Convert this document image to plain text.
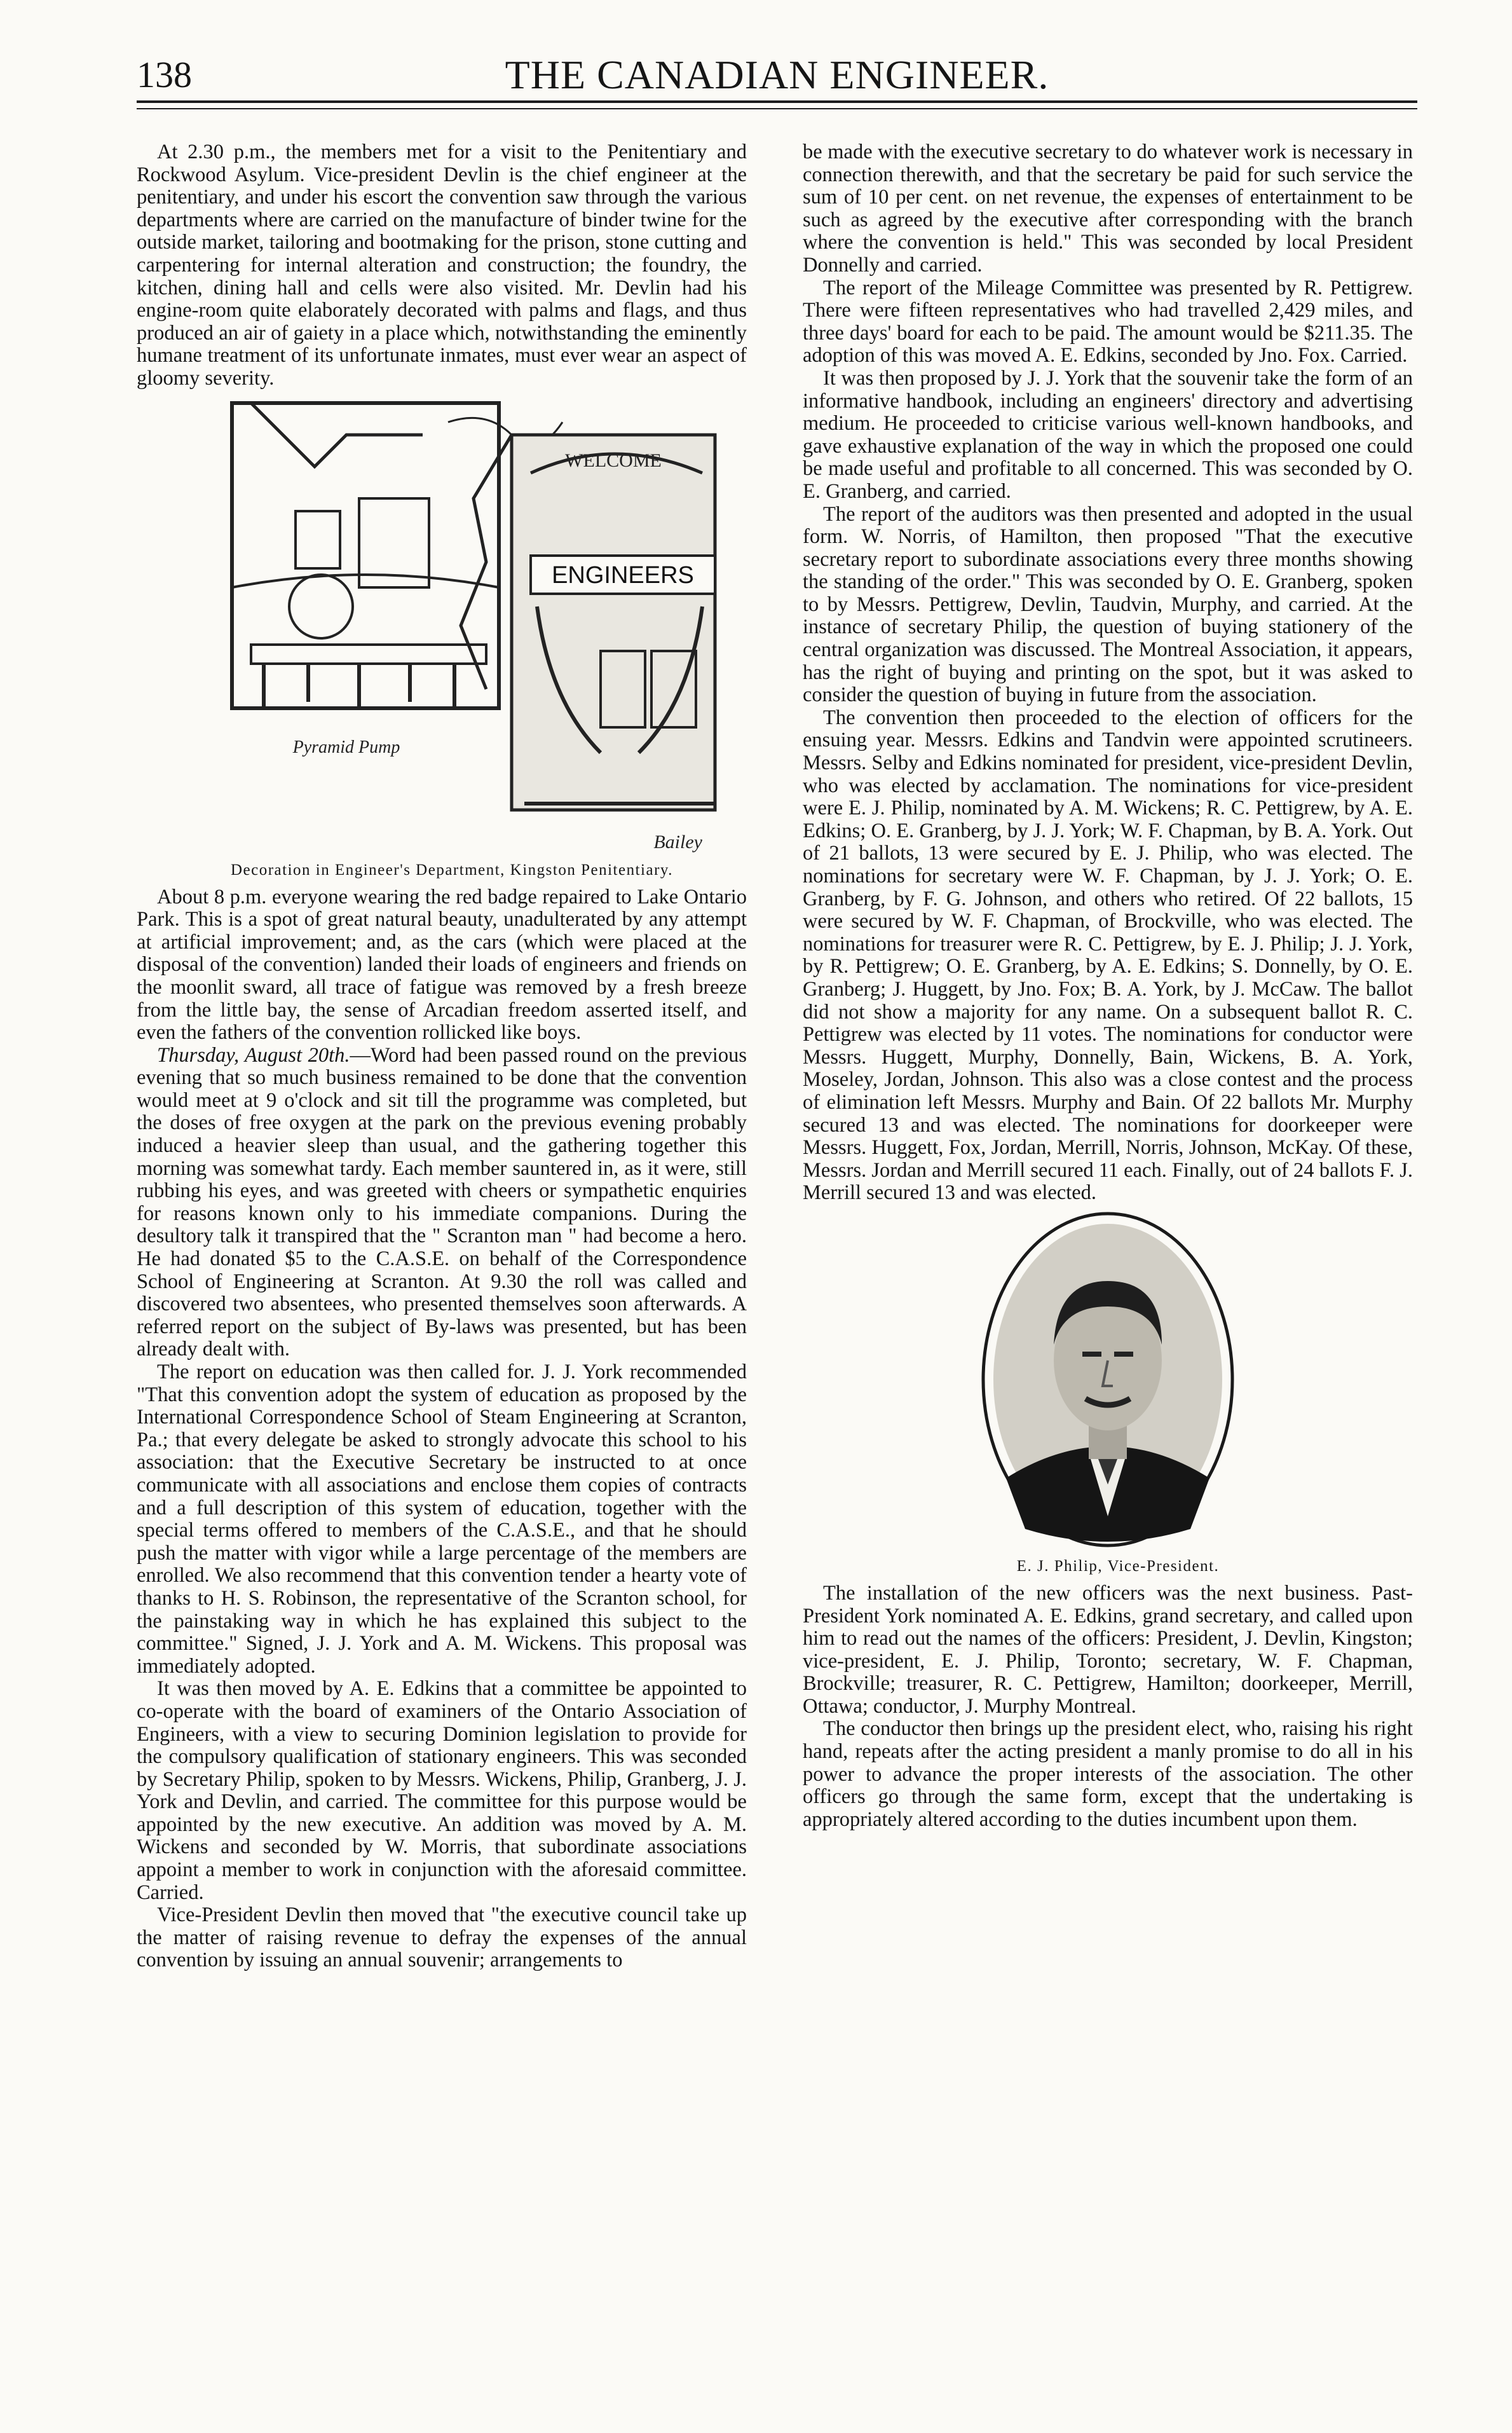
138	THE CANADIAN ENGINEER.

At 2.30 p.m., the members met for a visit to the Penitentiary and Rockwood Asylum. Vice-president Devlin is the chief engineer at the penitentiary, and under his escort the convention saw through the various departments where are carried on the manufacture of binder twine for the outside market, tailoring and bootmaking for the prison, stone cutting and carpentering for internal alteration and construction; the foundry, the kitchen, dining hall and cells were also visited. Mr. Devlin had his engine-room quite elaborately decorated with palms and flags, and thus produced an air of gaiety in a place which, notwithstanding the eminently humane treatment of its unfortunate inmates, must ever wear an aspect of gloomy severity.

WELCOME
ENGINEERS
Pyramid Pump
Bailey

Decoration in Engineer's Department, Kingston Penitentiary.

About 8 p.m. everyone wearing the red badge repaired to Lake Ontario Park. This is a spot of great natural beauty, unadulterated by any attempt at artificial improvement; and, as the cars (which were placed at the disposal of the convention) landed their loads of engineers and friends on the moonlit sward, all trace of fatigue was removed by a fresh breeze from the little bay, the sense of Arcadian freedom asserted itself, and even the fathers of the convention rollicked like boys.

Thursday, August 20th.—Word had been passed round on the previous evening that so much business remained to be done that the convention would meet at 9 o'clock and sit till the programme was completed, but the doses of free oxygen at the park on the previous evening probably induced a heavier sleep than usual, and the gathering together this morning was somewhat tardy. Each member sauntered in, as it were, still rubbing his eyes, and was greeted with cheers or sympathetic enquiries for reasons known only to his immediate companions. During the desultory talk it transpired that the " Scranton man " had become a hero. He had donated $5 to the C.A.S.E. on behalf of the Correspondence School of Engineering at Scranton. At 9.30 the roll was called and discovered two absentees, who presented themselves soon afterwards. A referred report on the subject of By-laws was presented, but has been already dealt with.

The report on education was then called for. J. J. York recommended "That this convention adopt the system of education as proposed by the International Correspondence School of Steam Engineering at Scranton, Pa.; that every delegate be asked to strongly advocate this school to his association: that the Executive Secretary be instructed to at once communicate with all associations and enclose them copies of contracts and a full description of this system of education, together with the special terms offered to members of the C.A.S.E., and that he should push the matter with vigor while a large percentage of the members are enrolled. We also recommend that this convention tender a hearty vote of thanks to H. S. Robinson, the representative of the Scranton school, for the painstaking way in which he has explained this subject to the committee." Signed, J. J. York and A. M. Wickens. This proposal was immediately adopted.

It was then moved by A. E. Edkins that a committee be appointed to co-operate with the board of examiners of the Ontario Association of Engineers, with a view to securing Dominion legislation to provide for the compulsory qualification of stationary engineers. This was seconded by Secretary Philip, spoken to by Messrs. Wickens, Philip, Granberg, J. J. York and Devlin, and carried. The committee for this purpose would be appointed by the new executive. An addition was moved by A. M. Wickens and seconded by W. Morris, that subordinate associations appoint a member to work in conjunction with the aforesaid committee. Carried.

Vice-President Devlin then moved that "the executive council take up the matter of raising revenue to defray the expenses of the annual convention by issuing an annual souvenir; arrangements to

be made with the executive secretary to do whatever work is necessary in connection therewith, and that the secretary be paid for such service the sum of 10 per cent. on net revenue, the expenses of entertainment to be such as agreed by the executive after corresponding with the branch where the convention is held." This was seconded by local President Donnelly and carried.

The report of the Mileage Committee was presented by R. Pettigrew. There were fifteen representatives who had travelled 2,429 miles, and three days' board for each to be paid. The amount would be $211.35. The adoption of this was moved A. E. Edkins, seconded by Jno. Fox. Carried.

It was then proposed by J. J. York that the souvenir take the form of an informative handbook, including an engineers' directory and advertising medium. He proceeded to criticise various well-known handbooks, and gave exhaustive explanation of the way in which the proposed one could be made useful and profitable to all concerned. This was seconded by O. E. Granberg, and carried.

The report of the auditors was then presented and adopted in the usual form. W. Norris, of Hamilton, then proposed "That the executive secretary report to subordinate associations every three months showing the standing of the order." This was seconded by O. E. Granberg, spoken to by Messrs. Pettigrew, Devlin, Taudvin, Murphy, and carried. At the instance of secretary Philip, the question of buying stationery of the central organization was discussed. The Montreal Association, it appears, has the right of buying and printing on the spot, but it was asked to consider the question of buying in future from the association.

The convention then proceeded to the election of officers for the ensuing year. Messrs. Edkins and Tandvin were appointed scrutineers. Messrs. Selby and Edkins nominated for president, vice-president Devlin, who was elected by acclamation. The nominations for vice-president were E. J. Philip, nominated by A. M. Wickens; R. C. Pettigrew, by A. E. Edkins; O. E. Granberg, by J. J. York; W. F. Chapman, by B. A. York. Out of 21 ballots, 13 were secured by E. J. Philip, who was elected. The nominations for secretary were W. F. Chapman, by J. J. York; O. E. Granberg, by F. G. Johnson, and others who retired. Of 22 ballots, 15 were secured by W. F. Chapman, of Brockville, who was elected. The nominations for treasurer were R. C. Pettigrew, by E. J. Philip; J. J. York, by R. Pettigrew; O. E. Granberg, by A. E. Edkins; S. Donnelly, by O. E. Granberg; J. Huggett, by Jno. Fox; B. A. York, by J. McCaw. The ballot did not show a majority for any name. On a subsequent ballot R. C. Pettigrew was elected by 11 votes. The nominations for conductor were Messrs. Huggett, Murphy, Donnelly, Bain, Wickens, B. A. York, Moseley, Jordan, Johnson. This also was a close contest and the process of elimination left Messrs. Murphy and Bain. Of 22 ballots Mr. Murphy secured 13 and was elected. The nominations for doorkeeper were Messrs. Huggett, Fox, Jordan, Merrill, Norris, Johnson, McKay. Of these, Messrs. Jordan and Merrill secured 11 each. Finally, out of 24 ballots F. J. Merrill secured 13 and was elected.

E. J. Philip, Vice-President.

The installation of the new officers was the next business. Past-President York nominated A. E. Edkins, grand secretary, and called upon him to read out the names of the officers: President, J. Devlin, Kingston; vice-president, E. J. Philip, Toronto; secretary, W. F. Chapman, Brockville; treasurer, R. C. Pettigrew, Hamilton; doorkeeper, Merrill, Ottawa; conductor, J. Murphy Montreal.

The conductor then brings up the president elect, who, raising his right hand, repeats after the acting president a manly promise to do all in his power to advance the proper interests of the association. The other officers go through the same form, except that the undertaking is appropriately altered according to the duties incumbent upon them.
